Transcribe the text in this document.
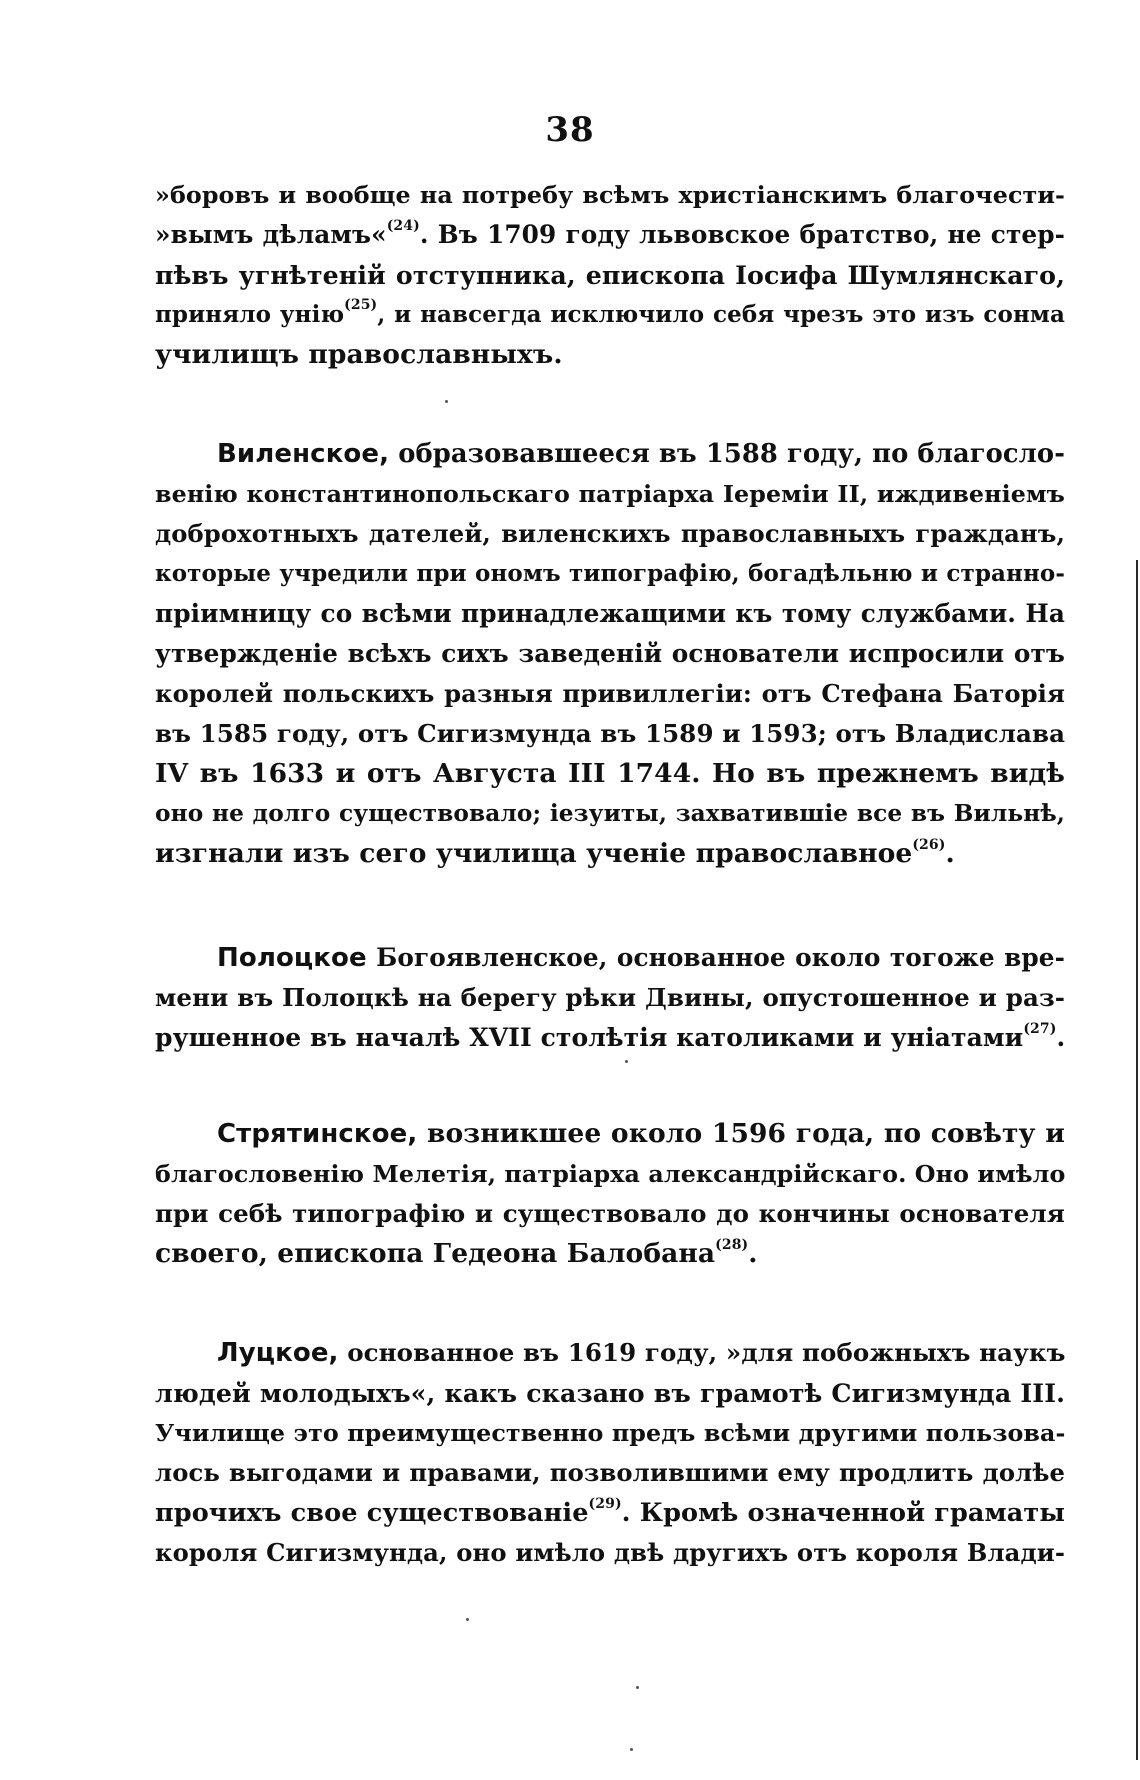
38
»боровъ и вообще на потребу всѣмъ христіанскимъ благочести-
»вымъ дѣламъ«$^{(24)}$. Въ 1709 году львовское братство, не стер-
пѣвъ угнѣтеній отступника, епископа Іосифа Шумлянскаго,
приняло унію$^{(25)}$, и навсегда исключило себя чрезъ это изъ сонма
училищъ православныхъ.
Виленское, образовавшееся въ 1588 году, по благосло-
венію константинопольскаго патріарха Іереміи II, иждивеніемъ
доброхотныхъ дателей, виленскихъ православныхъ гражданъ,
которые учредили при ономъ типографію, богадѣльню и странно-
пріимницу со всѣми принадлежащими къ тому службами. На
утвержденіе всѣхъ сихъ заведеній основатели испросили отъ
королей польскихъ разныя привиллегіи: отъ Стефана Баторія
въ 1585 году, отъ Сигизмунда въ 1589 и 1593; отъ Владислава
IV въ 1633 и отъ Августа III 1744. Но въ прежнемъ видѣ
оно не долго существовало; іезуиты, захватившіе все въ Вильнѣ,
изгнали изъ сего училища ученіе православное$^{(26)}$.
Полоцкое Богоявленское, основанное около тогоже вре-
мени въ Полоцкѣ на берегу рѣки Двины, опустошенное и раз-
рушенное въ началѣ XVII столѣтія католиками и уніатами$^{(27)}$.
Стрятинское, возникшее около 1596 года, по совѣту и
благословенію Мелетія, патріарха александрійскаго. Оно имѣло
при себѣ типографію и существовало до кончины основателя
своего, епископа Гедеона Балобана$^{(28)}$.
Луцкое, основанное въ 1619 году, »для побожныхъ наукъ
людей молодыхъ«, какъ сказано въ грамотѣ Сигизмунда III.
Училище это преимущественно предъ всѣми другими пользова-
лось выгодами и правами, позволившими ему продлить долѣе
прочихъ свое существованіе$^{(29)}$. Кромѣ означенной граматы
короля Сигизмунда, оно имѣло двѣ другихъ отъ короля Влади-
